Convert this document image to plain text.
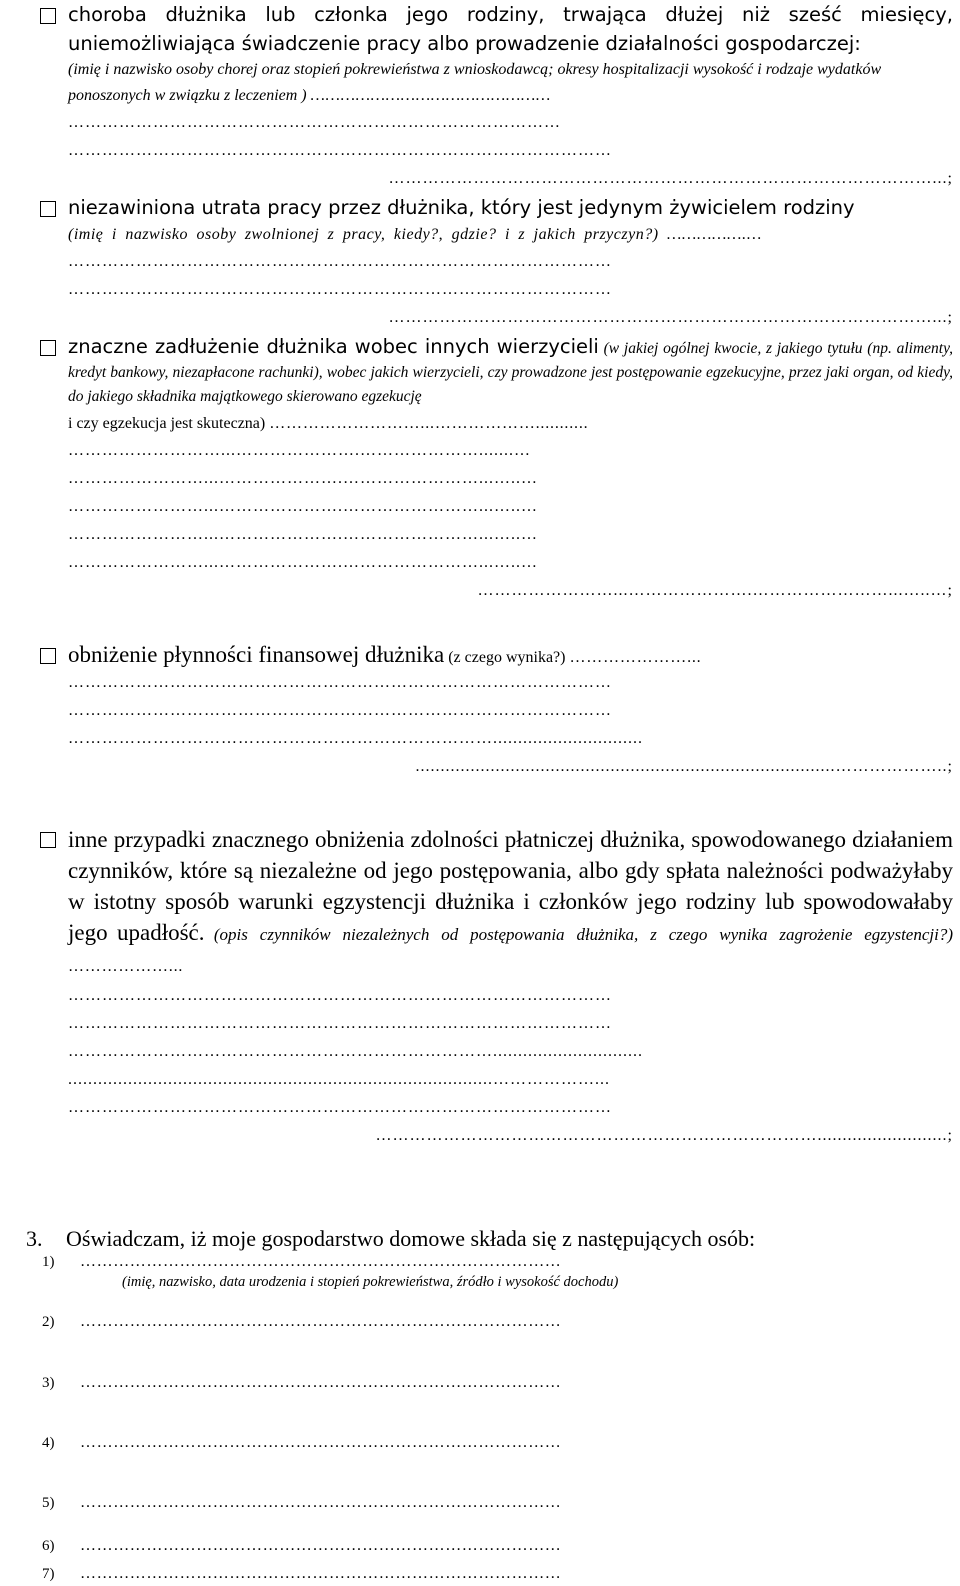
choroba dłużnika lub członka jego rodziny, trwająca dłużej niż sześć miesięcy, uniemożliwiająca świadczenie pracy albo prowadzenie działalności gospodarczej:
(imię i nazwisko osoby chorej oraz stopień pokrewieństwa z wnioskodawcą; okresy hospitalizacji wysokość i rodzaje wydatków ponoszonych w związku z leczeniem ) …………………………………………
……………………………………………………………………………
……………………………………………………………………………………
……………………………………………………………………………………...;
niezawiniona utrata pracy przez dłużnika, który jest jedynym żywicielem rodziny
(imię i nazwisko osoby zwolnionej z pracy, kiedy?, gdzie? i z jakich przyczyn?) …………….…
……………………………………………………………………………………
……………………………………………………………………………………
……………………………………………………………………………………...;
znaczne zadłużenie dłużnika wobec innych wierzycieli (w jakiej ogólnej kwocie, z jakiego tytułu (np. alimenty, kredyt bankowy, niezapłacone rachunki), wobec jakich wierzycieli, czy prowadzone jest postępowanie egzekucyjne, przez jaki organ, od kiedy, do jakiego składnika majątkowego skierowano egzekucję
i czy egzekucja jest skuteczna) ………………………...………………...........
………………………...………………….………………….......…
……………………...………………….……………………...…..…
……………………...………………….……………………...…..…
……………………...………………….……………………...…..…
……………………...………………….……………………...…..…
……………………...………………….……………………...…..…;
obniżenie płynności finansowej dłużnika (z czego wynika?) …………………...
……………………………………………………………………………………
……………………………………………………………………………………
…………………………………………………………………..............................
....................................................................................………………..;
inne przypadki znacznego obniżenia zdolności płatniczej dłużnika, spowodowanego działaniem czynników, które są niezależne od jego postępowania, albo gdy spłata należności podważyłaby w istotny sposób warunki egzystencji dłużnika i członków jego rodziny lub spowodowałaby jego upadłość. (opis czynników niezależnych od postępowania dłużnika, z czego wynika zagrożenie egzystencji?) ………………...
……………………………………………………………………………………
……………………………………………………………………………………
…………………………………………………………………..............................
.....................................................................................………………...
……………………………………………………………………………………
……………………………………………………………………..........................;
3. Oświadczam, iż moje gospodarstwo domowe składa się z następujących osób:
1) ……………………………………………………………………………
(imię, nazwisko, data urodzenia i stopień pokrewieństwa, źródło i wysokość dochodu)
2) ……………………………………………………………………………
3) ……………………………………………………………………………
4) ……………………………………………………………………………
5) ……………………………………………………………………………
6) ……………………………………………………………………………
7) ……………………………………………………………………………
